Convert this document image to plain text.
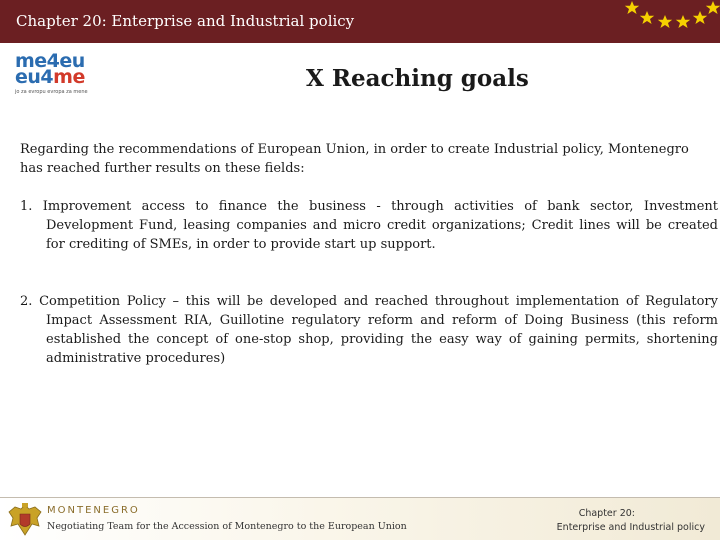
Chapter 20: Enterprise and Industrial policy
me4eu
eu4me
jo za evropu evropa za mene	X Reaching goals

Regarding the recommendations of European Union, in order to create Industrial policy, Montenegro has reached further results on these fields:

1. Improvement access to finance the business - through activities of bank sector, Investment Development Fund, leasing companies and micro credit organizations; Credit lines will be created for crediting of SMEs, in order to provide start up support.

2. Competition Policy – this will be developed and reached throughout implementation of Regulatory Impact Assessment RIA, Guillotine regulatory reform and reform of Doing Business (this reform established the concept of one-stop shop, providing the easy way of gaining permits, shortening administrative procedures)

MONTENEGRO
Negotiating Team for the Accession of Montenegro to the European Union
Chapter 20:
Enterprise and Industrial policy
